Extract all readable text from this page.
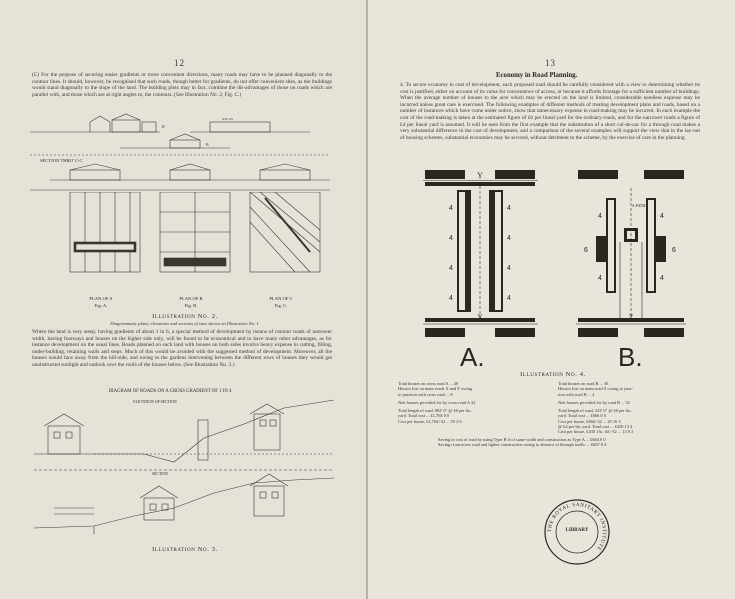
12
(C) For the purpose of securing easier gradients or more convenient directions, many roads may have to be planned diagonally to the contour lines. It should, however, be recognised that such roads, though better for gradients, do not offer convenient sites, as the buildings would stand diagonally to the slope of the land. The building plots may in fact, combine the dis-advantages of those on roads which are parallel with, and those which are at right angles to, the contours. (See Illustration No. 2, Fig. C.)
B
ATLAS
B
SECTION THRO' C-C
PLAN OF A
Fig. A.
PLAN OF B
Fig. B.
PLAN OF C
Fig. C.
Illustration No. 2.
Diagrammatic plans, elevations and sections of sites shown on Illustration No. 1.
Where the land is very steep, having gradients of about 1 in 6, a special method of development by means of contour roads of narrower width, having footways and houses on the higher side only, will be found to be economical and to have many other advantages, as for instance development on the usual lines. Roads planned on such land with houses on both sides involve heavy expense in cutting, filling, under-building, retaining walls and steps. Much of this would be avoided with the suggested method of development. Moreover, all the houses would face away from the hill-side, and owing to the gardens intervening between the different rows of houses they would get unobstructed sunlight and outlook over the roofs of the houses below. (See Illustration No. 3.)
DIAGRAM OF ROADS ON A CROSS GRADIENT OF 1 IN 4
ELEVATION OF SECTION
SECTION
Illustration No. 3.
13
Economy in Road Planning.
4. To secure economy in cost of development, each proposed road should be carefully considered with a view to determining whether its cost is justified, either on account of its value for convenience of access, or because it affords frontage for a sufficient number of buildings. When the average number of houses to the acre which may be erected on the land is limited, considerable needless expense may be incurred unless great care is exercised. The following examples of different methods of treating development plans and roads, based on a number of instances which have come under notice, show that unnecessary expense in road-making may be incurred. In each example the cost of the road-making is taken at the estimated figure of £6 per lineal yard for the ordinary roads, and for the narrower roads a figure of £4 per lineal yard is assumed. It will be seen from the first example that the substitution of a short cul-de-sac for a through road makes a very substantial difference in the cost of development, and a comparison of the several examples will support the view that in the lay-out of housing schemes, substantial economies may be secured, without detriment to the scheme, by the exercise of care in the planning.
4	4
4	4
4	4
4	4
Y
X
4	4
6	6
4	4
A.PATH.
Z
A.	B.
Illustration No. 4.
Total houses on cross road A ... 40
Houses lost on main roads X and Y owing
to junction with cross road ... 8
Nett houses provided for by cross road A 32
Total length of road, 882' 0" @ £6 per lin.
yard. Total cost ... £1,764 0 0
Cost per house, £1,764÷32 ... 55 2 6
Total houses on road B ... 36
Houses lost on main road Z owing to junc-
tion with road B ... 4
Nett houses provided for by road B ... 32
Total length of road, 333' 0" @ £6 per lin.
yard. Total cost ... £666 0 0
Cost per house, £666÷32 ... 20 16 3
@ £4 per lin. yard. Total cost ... £430 13 4
Cost per house, £430 13s. 4d.÷32 ... 13 9 2
Saving in cost of road by using Type B if of same width and construction as Type A ... £684 0 0
Saving if narrower road and lighter construction owing to absence of through traffic ... £667 8 4
THE ROYAL SANITARY INSTITUTE
LIBRARY
